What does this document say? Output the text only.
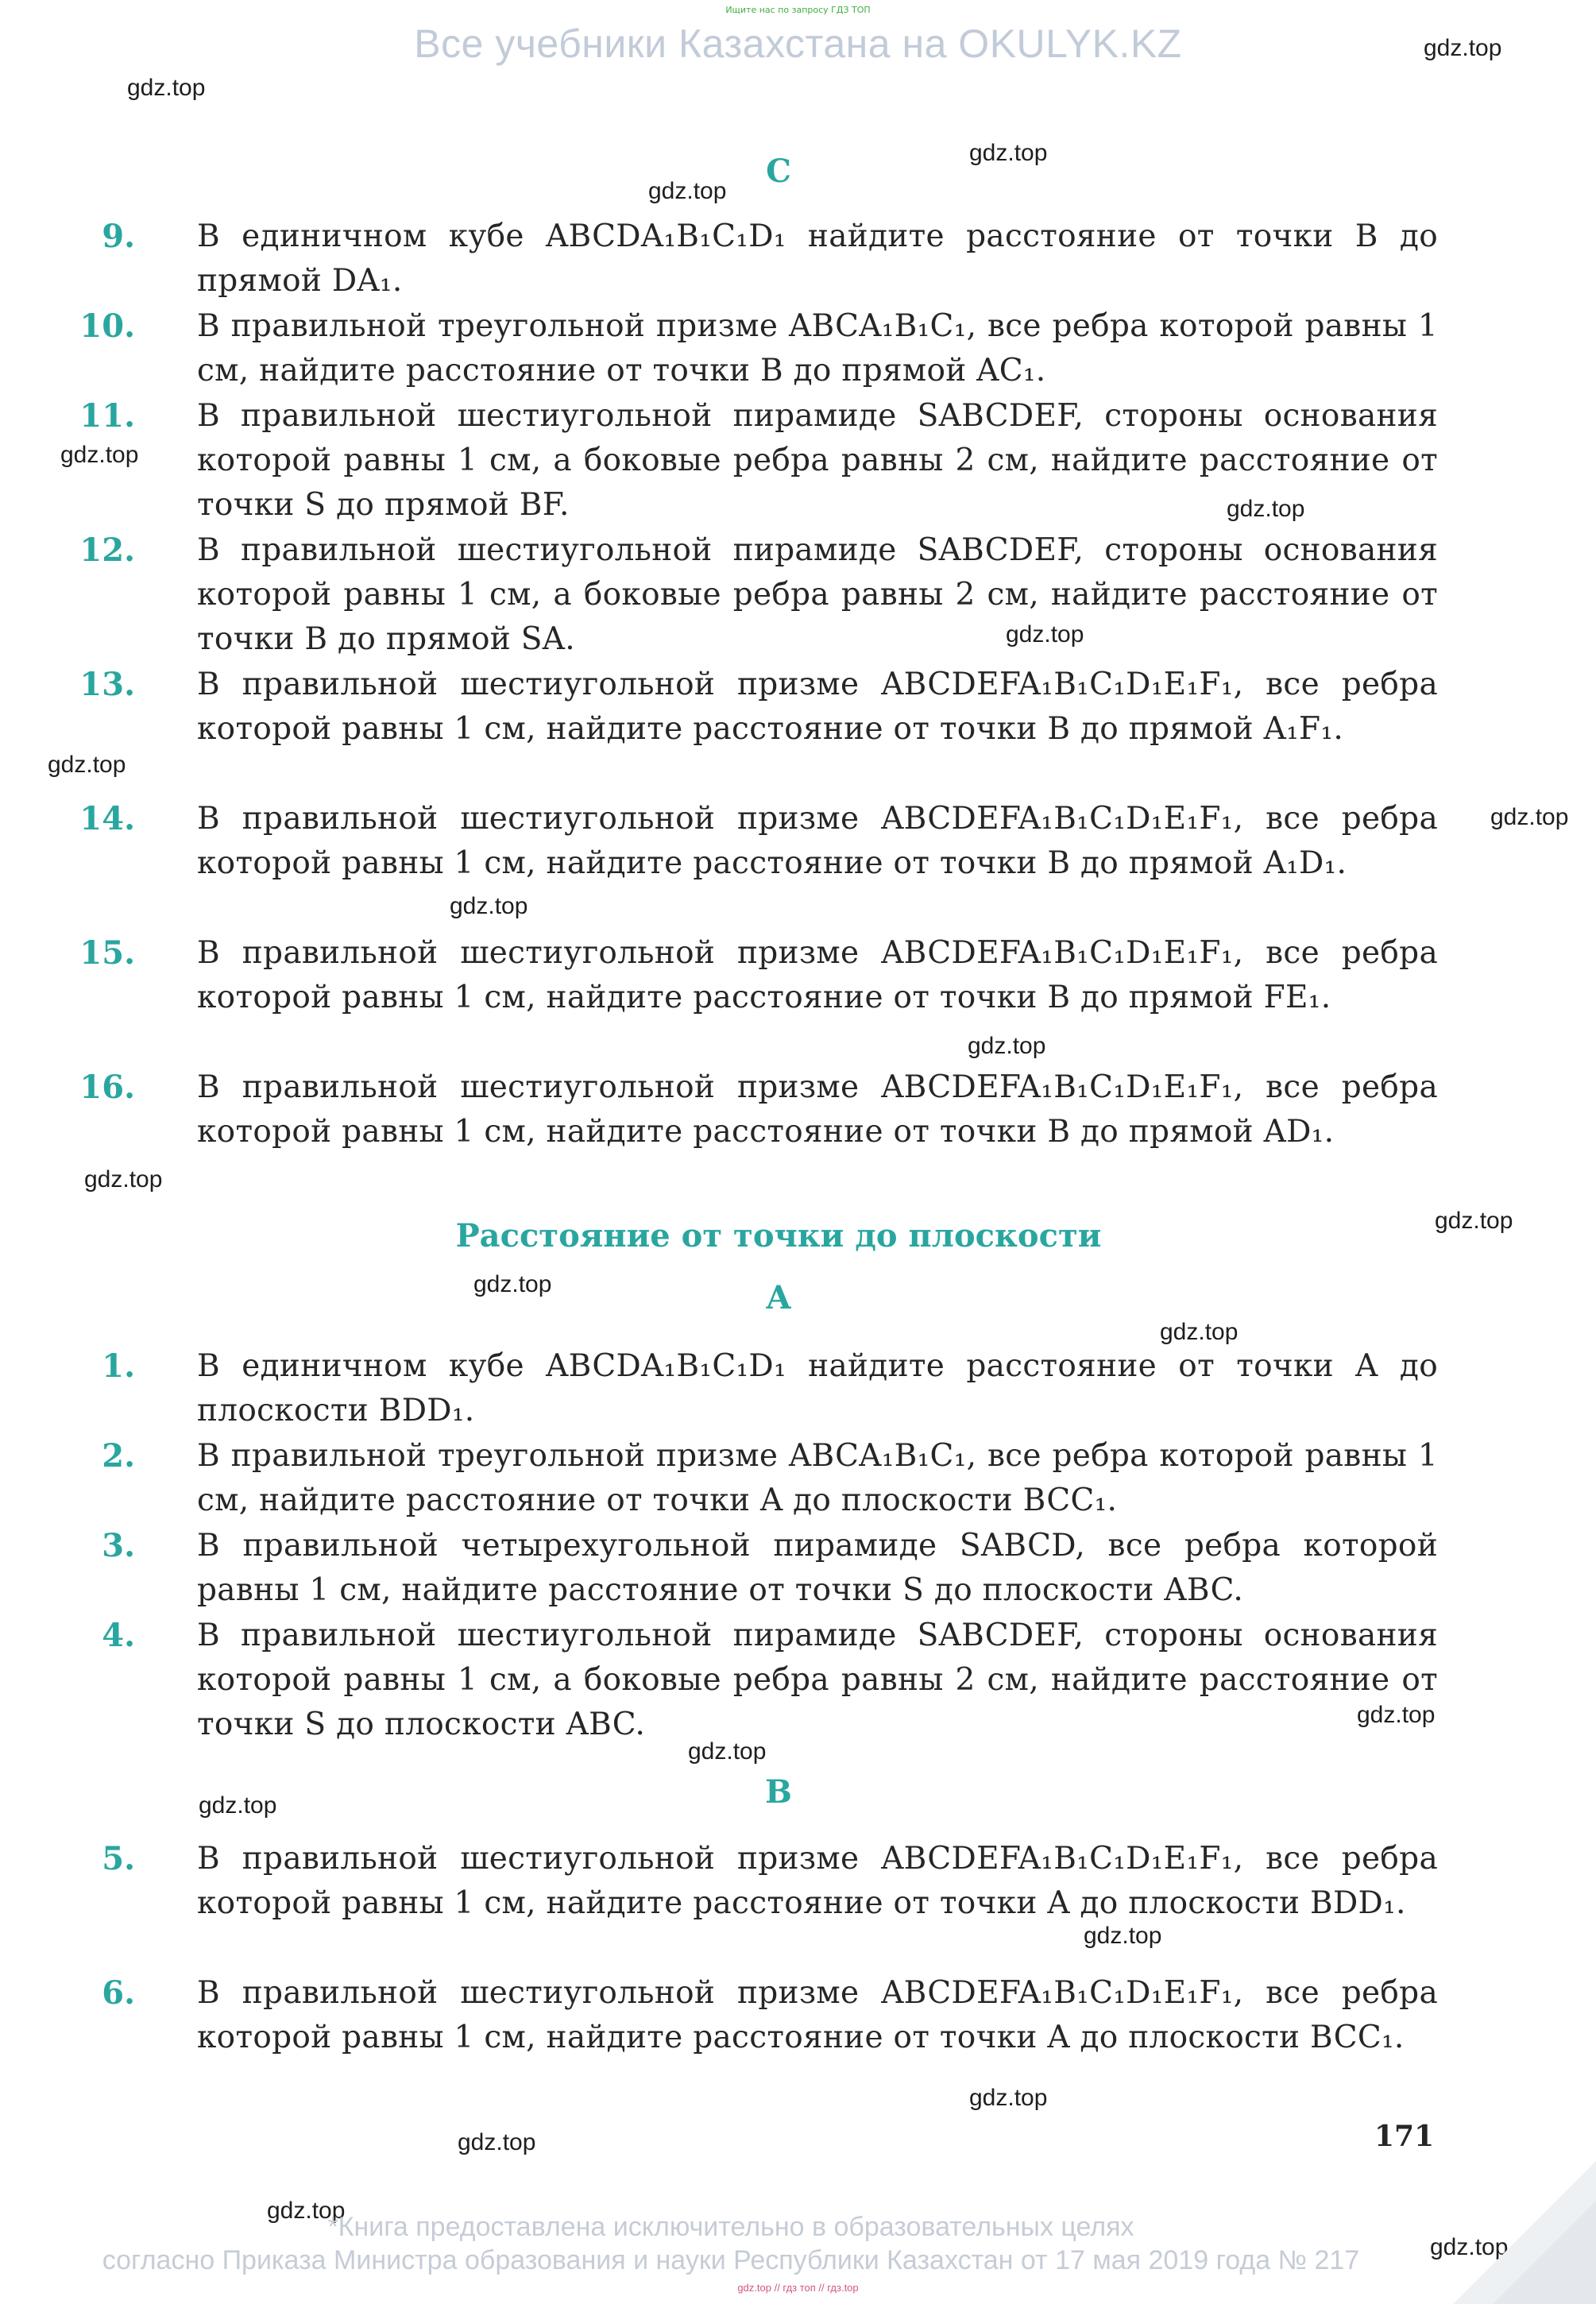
Ищите нас по запросу ГДЗ ТОП
Все учебники Казахстана на OKULYK.KZ
gdz.top
gdz.top
gdz.top
gdz.top
gdz.top
gdz.top
gdz.top
gdz.top
gdz.top
gdz.top
gdz.top
gdz.top
gdz.top
gdz.top
gdz.top
gdz.top
gdz.top
gdz.top
gdz.top
gdz.top
gdz.top
gdz.top
gdz.top
C
9. В единичном кубе ABCDA₁B₁C₁D₁ найдите расстояние от точки B до прямой DA₁.
10. В правильной треугольной призме ABCA₁B₁C₁, все ребра которой равны 1 см, найдите расстояние от точки B до прямой AC₁.
11. В правильной шестиугольной пирамиде SABCDEF, стороны основания которой равны 1 см, а боковые ребра равны 2 см, найдите расстояние от точки S до прямой BF.
12. В правильной шестиугольной пирамиде SABCDEF, стороны основания которой равны 1 см, а боковые ребра равны 2 см, найдите расстояние от точки B до прямой SA.
13. В правильной шестиугольной призме ABCDEFA₁B₁C₁D₁E₁F₁, все ребра которой равны 1 см, найдите расстояние от точки B до прямой A₁F₁.
14. В правильной шестиугольной призме ABCDEFA₁B₁C₁D₁E₁F₁, все ребра которой равны 1 см, найдите расстояние от точки B до прямой A₁D₁.
15. В правильной шестиугольной призме ABCDEFA₁B₁C₁D₁E₁F₁, все ребра которой равны 1 см, найдите расстояние от точки B до прямой FE₁.
16. В правильной шестиугольной призме ABCDEFA₁B₁C₁D₁E₁F₁, все ребра которой равны 1 см, найдите расстояние от точки B до прямой AD₁.
Расстояние от точки до плоскости
A
1. В единичном кубе ABCDA₁B₁C₁D₁ найдите расстояние от точки A до плоскости BDD₁.
2. В правильной треугольной призме ABCA₁B₁C₁, все ребра которой равны 1 см, найдите расстояние от точки A до плоскости BCC₁.
3. В правильной четырехугольной пирамиде SABCD, все ребра которой равны 1 см, найдите расстояние от точки S до плоскости ABC.
4. В правильной шестиугольной пирамиде SABCDEF, стороны основания которой равны 1 см, а боковые ребра равны 2 см, найдите расстояние от точки S до плоскости ABC.
B
5. В правильной шестиугольной призме ABCDEFA₁B₁C₁D₁E₁F₁, все ребра которой равны 1 см, найдите расстояние от точки A до плоскости BDD₁.
6. В правильной шестиугольной призме ABCDEFA₁B₁C₁D₁E₁F₁, все ребра которой равны 1 см, найдите расстояние от точки A до плоскости BCC₁.
171
*Книга предоставлена исключительно в образовательных целях
согласно Приказа Министра образования и науки Республики Казахстан от 17 мая 2019 года № 217
gdz.top // гдз топ // гдз.top
